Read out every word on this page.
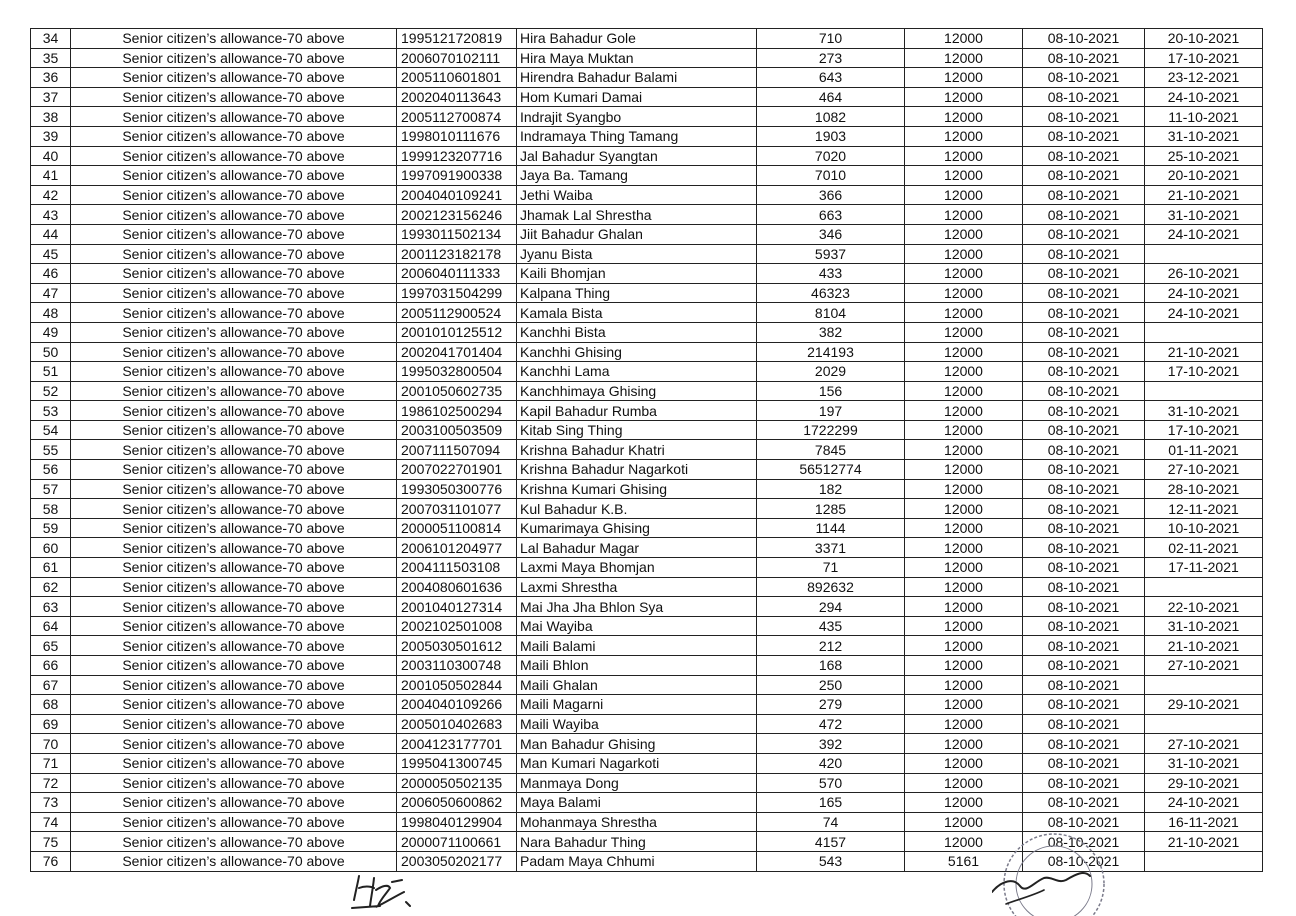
34	Senior citizen’s allowance-70 above	1995121720819	Hira Bahadur Gole	710	12000	08-10-2021	20-10-2021
35	Senior citizen’s allowance-70 above	2006070102111	Hira Maya Muktan	273	12000	08-10-2021	17-10-2021
36	Senior citizen’s allowance-70 above	2005110601801	Hirendra Bahadur Balami	643	12000	08-10-2021	23-12-2021
37	Senior citizen’s allowance-70 above	2002040113643	Hom Kumari Damai	464	12000	08-10-2021	24-10-2021
38	Senior citizen’s allowance-70 above	2005112700874	Indrajit Syangbo	1082	12000	08-10-2021	11-10-2021
39	Senior citizen’s allowance-70 above	1998010111676	Indramaya Thing Tamang	1903	12000	08-10-2021	31-10-2021
40	Senior citizen’s allowance-70 above	1999123207716	Jal Bahadur Syangtan	7020	12000	08-10-2021	25-10-2021
41	Senior citizen’s allowance-70 above	1997091900338	Jaya Ba. Tamang	7010	12000	08-10-2021	20-10-2021
42	Senior citizen’s allowance-70 above	2004040109241	Jethi Waiba	366	12000	08-10-2021	21-10-2021
43	Senior citizen’s allowance-70 above	2002123156246	Jhamak Lal Shrestha	663	12000	08-10-2021	31-10-2021
44	Senior citizen’s allowance-70 above	1993011502134	Jiit Bahadur Ghalan	346	12000	08-10-2021	24-10-2021
45	Senior citizen’s allowance-70 above	2001123182178	Jyanu Bista	5937	12000	08-10-2021	
46	Senior citizen’s allowance-70 above	2006040111333	Kaili Bhomjan	433	12000	08-10-2021	26-10-2021
47	Senior citizen’s allowance-70 above	1997031504299	Kalpana Thing	46323	12000	08-10-2021	24-10-2021
48	Senior citizen’s allowance-70 above	2005112900524	Kamala Bista	8104	12000	08-10-2021	24-10-2021
49	Senior citizen’s allowance-70 above	2001010125512	Kanchhi Bista	382	12000	08-10-2021	
50	Senior citizen’s allowance-70 above	2002041701404	Kanchhi Ghising	214193	12000	08-10-2021	21-10-2021
51	Senior citizen’s allowance-70 above	1995032800504	Kanchhi Lama	2029	12000	08-10-2021	17-10-2021
52	Senior citizen’s allowance-70 above	2001050602735	Kanchhimaya Ghising	156	12000	08-10-2021	
53	Senior citizen’s allowance-70 above	1986102500294	Kapil Bahadur Rumba	197	12000	08-10-2021	31-10-2021
54	Senior citizen’s allowance-70 above	2003100503509	Kitab Sing Thing	1722299	12000	08-10-2021	17-10-2021
55	Senior citizen’s allowance-70 above	2007111507094	Krishna Bahadur Khatri	7845	12000	08-10-2021	01-11-2021
56	Senior citizen’s allowance-70 above	2007022701901	Krishna Bahadur Nagarkoti	56512774	12000	08-10-2021	27-10-2021
57	Senior citizen’s allowance-70 above	1993050300776	Krishna Kumari Ghising	182	12000	08-10-2021	28-10-2021
58	Senior citizen’s allowance-70 above	2007031101077	Kul Bahadur K.B.	1285	12000	08-10-2021	12-11-2021
59	Senior citizen’s allowance-70 above	2000051100814	Kumarimaya Ghising	1144	12000	08-10-2021	10-10-2021
60	Senior citizen’s allowance-70 above	2006101204977	Lal Bahadur Magar	3371	12000	08-10-2021	02-11-2021
61	Senior citizen’s allowance-70 above	2004111503108	Laxmi Maya Bhomjan	71	12000	08-10-2021	17-11-2021
62	Senior citizen’s allowance-70 above	2004080601636	Laxmi Shrestha	892632	12000	08-10-2021	
63	Senior citizen’s allowance-70 above	2001040127314	Mai Jha Jha Bhlon Sya	294	12000	08-10-2021	22-10-2021
64	Senior citizen’s allowance-70 above	2002102501008	Mai Wayiba	435	12000	08-10-2021	31-10-2021
65	Senior citizen’s allowance-70 above	2005030501612	Maili Balami	212	12000	08-10-2021	21-10-2021
66	Senior citizen’s allowance-70 above	2003110300748	Maili Bhlon	168	12000	08-10-2021	27-10-2021
67	Senior citizen’s allowance-70 above	2001050502844	Maili Ghalan	250	12000	08-10-2021	
68	Senior citizen’s allowance-70 above	2004040109266	Maili Magarni	279	12000	08-10-2021	29-10-2021
69	Senior citizen’s allowance-70 above	2005010402683	Maili Wayiba	472	12000	08-10-2021	
70	Senior citizen’s allowance-70 above	2004123177701	Man Bahadur Ghising	392	12000	08-10-2021	27-10-2021
71	Senior citizen’s allowance-70 above	1995041300745	Man Kumari Nagarkoti	420	12000	08-10-2021	31-10-2021
72	Senior citizen’s allowance-70 above	2000050502135	Manmaya Dong	570	12000	08-10-2021	29-10-2021
73	Senior citizen’s allowance-70 above	2006050600862	Maya Balami	165	12000	08-10-2021	24-10-2021
74	Senior citizen’s allowance-70 above	1998040129904	Mohanmaya Shrestha	74	12000	08-10-2021	16-11-2021
75	Senior citizen’s allowance-70 above	2000071100661	Nara Bahadur Thing	4157	12000	08-10-2021	21-10-2021
76	Senior citizen’s allowance-70 above	2003050202177	Padam Maya Chhumi	543	5161	08-10-2021	
